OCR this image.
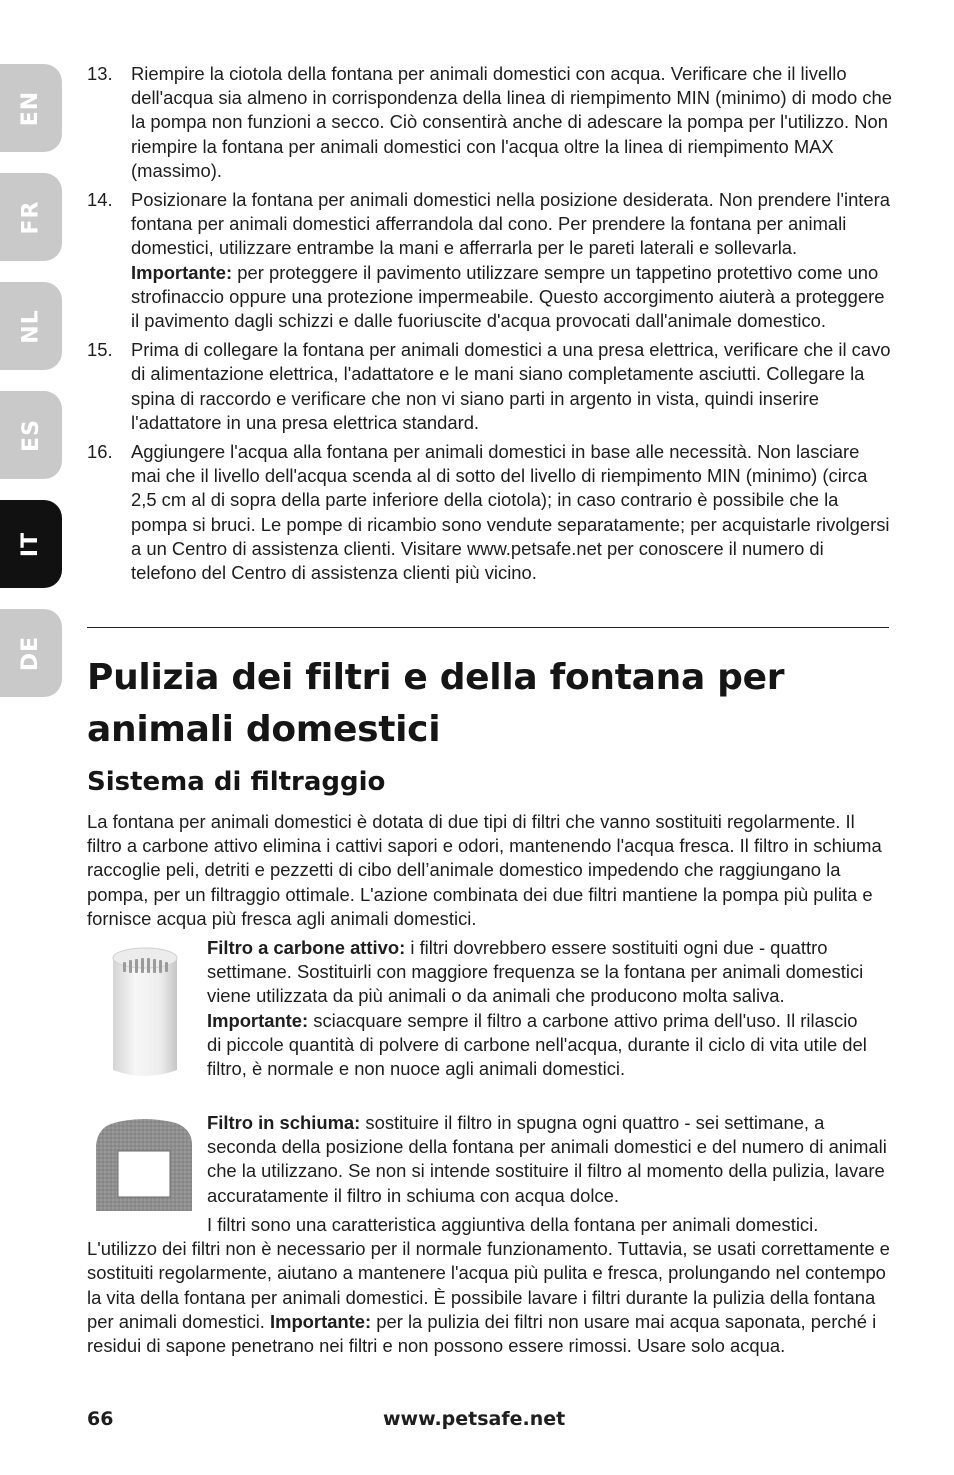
EN
FR
NL
ES
IT
DE
13. Riempire la ciotola della fontana per animali domestici con acqua. Verificare che il livello dell'acqua sia almeno in corrispondenza della linea di riempimento MIN (minimo) di modo che la pompa non funzioni a secco. Ciò consentirà anche di adescare la pompa per l'utilizzo. Non riempire la fontana per animali domestici con l'acqua oltre la linea di riempimento MAX (massimo).
14. Posizionare la fontana per animali domestici nella posizione desiderata. Non prendere l'intera fontana per animali domestici afferrandola dal cono. Per prendere la fontana per animali domestici, utilizzare entrambe la mani e afferrarla per le pareti laterali e sollevarla. Importante: per proteggere il pavimento utilizzare sempre un tappetino protettivo come uno strofinaccio oppure una protezione impermeabile. Questo accorgimento aiuterà a proteggere il pavimento dagli schizzi e dalle fuoriuscite d'acqua provocati dall'animale domestico.
15. Prima di collegare la fontana per animali domestici a una presa elettrica, verificare che il cavo di alimentazione elettrica, l'adattatore e le mani siano completamente asciutti. Collegare la spina di raccordo e verificare che non vi siano parti in argento in vista, quindi inserire l'adattatore in una presa elettrica standard.
16. Aggiungere l'acqua alla fontana per animali domestici in base alle necessità. Non lasciare mai che il livello dell'acqua scenda al di sotto del livello di riempimento MIN (minimo) (circa 2,5 cm al di sopra della parte inferiore della ciotola); in caso contrario è possibile che la pompa si bruci. Le pompe di ricambio sono vendute separatamente; per acquistarle rivolgersi a un Centro di assistenza clienti. Visitare www.petsafe.net per conoscere il numero di telefono del Centro di assistenza clienti più vicino.
Pulizia dei filtri e della fontana per animali domestici
Sistema di filtraggio

La fontana per animali domestici è dotata di due tipi di filtri che vanno sostituiti regolarmente. Il filtro a carbone attivo elimina i cattivi sapori e odori, mantenendo l'acqua fresca. Il filtro in schiuma raccoglie peli, detriti e pezzetti di cibo dell’animale domestico impedendo che raggiungano la pompa, per un filtraggio ottimale. L'azione combinata dei due filtri mantiene la pompa più pulita e fornisce acqua più fresca agli animali domestici.

Filtro a carbone attivo: i filtri dovrebbero essere sostituiti ogni due - quattro settimane. Sostituirli con maggiore frequenza se la fontana per animali domestici viene utilizzata da più animali o da animali che producono molta saliva. Importante: sciacquare sempre il filtro a carbone attivo prima dell'uso. Il rilascio di piccole quantità di polvere di carbone nell'acqua, durante il ciclo di vita utile del filtro, è normale e non nuoce agli animali domestici.

Filtro in schiuma: sostituire il filtro in spugna ogni quattro - sei settimane, a seconda della posizione della fontana per animali domestici e del numero di animali che la utilizzano. Se non si intende sostituire il filtro al momento della pulizia, lavare accuratamente il filtro in schiuma con acqua dolce.

I filtri sono una caratteristica aggiuntiva della fontana per animali domestici. L'utilizzo dei filtri non è necessario per il normale funzionamento. Tuttavia, se usati correttamente e sostituiti regolarmente, aiutano a mantenere l'acqua più pulita e fresca, prolungando nel contempo la vita della fontana per animali domestici. È possibile lavare i filtri durante la pulizia della fontana per animali domestici. Importante: per la pulizia dei filtri non usare mai acqua saponata, perché i residui di sapone penetrano nei filtri e non possono essere rimossi. Usare solo acqua.

66	www.petsafe.net
